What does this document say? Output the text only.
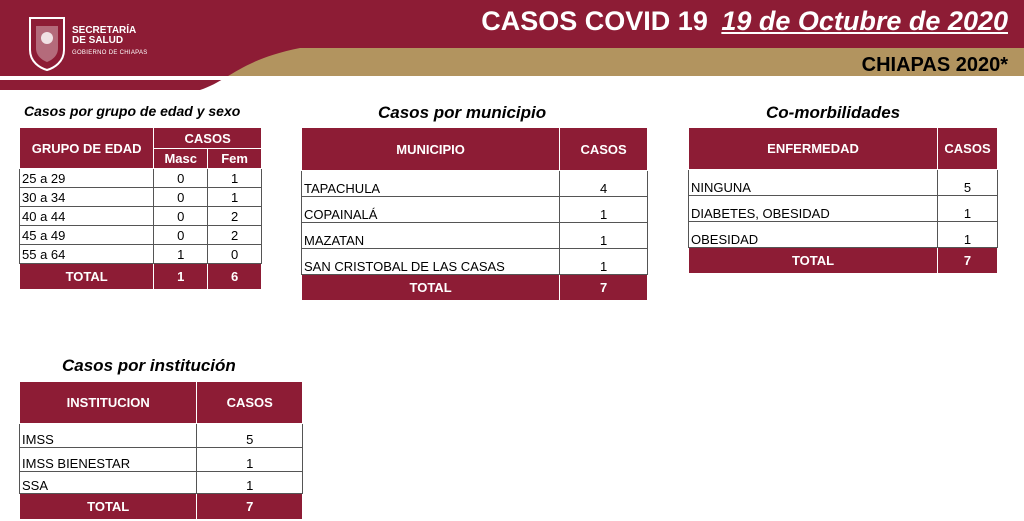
SECRETARÍA
DE SALUD
GOBIERNO DE CHIAPAS
CASOS COVID 19 19 de Octubre de 2020
CHIAPAS 2020*
Casos por grupo de edad y sexo
GRUPO DE EDAD	CASOS	
	Masc	Fem
25 a 29	0	1
30 a 34	0	1
40 a 44	0	2
45 a 49	0	2
55 a 64	1	0
TOTAL	1	6
Casos por municipio
MUNICIPIO	CASOS
TAPACHULA	4
COPAINALÁ	1
MAZATAN	1
SAN CRISTOBAL DE LAS CASAS	1
TOTAL	7
Co-morbilidades
ENFERMEDAD	CASOS
NINGUNA	5
DIABETES, OBESIDAD	1
OBESIDAD	1
TOTAL	7
Casos por institución
INSTITUCION	CASOS
IMSS	5
IMSS BIENESTAR	1
SSA	1
TOTAL	7
